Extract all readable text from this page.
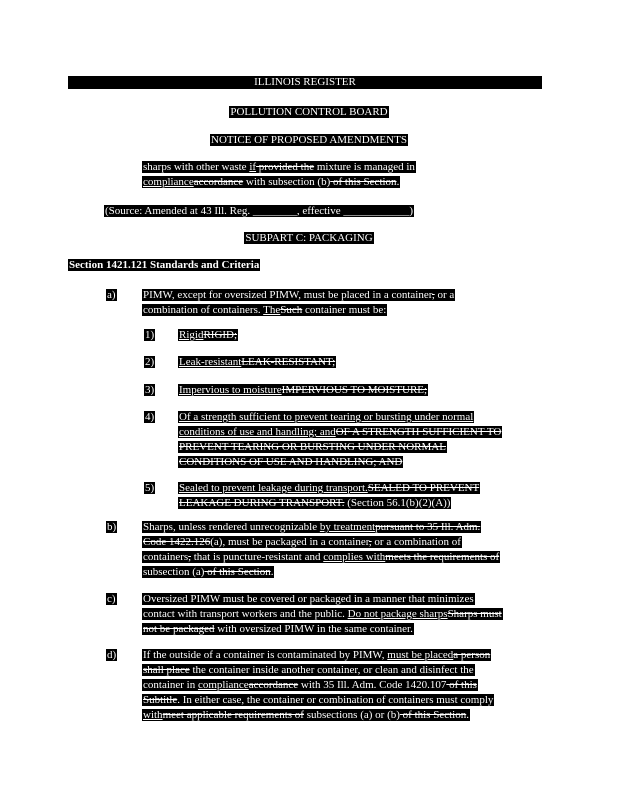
ILLINOIS REGISTER
POLLUTION CONTROL BOARD
NOTICE OF PROPOSED AMENDMENTS
sharps with other waste if provided the mixture is managed in
complianceaccordance with subsection (b) of this Section.
(Source: Amended at 43 Ill. Reg. ________, effective ____________)
SUBPART C: PACKAGING
Section 1421.121 Standards and Criteria
a) PIMW, except for oversized PIMW, must be placed in a container, or a
combination of containers. TheSuch container must be:
1) RigidRIGID;
2) Leak-resistantLEAK-RESISTANT;
3) Impervious to moistureIMPERVIOUS TO MOISTURE;
4) Of a strength sufficient to prevent tearing or bursting under normal
conditions of use and handling; andOF A STRENGTH SUFFICIENT TO
PREVENT TEARING OR BURSTING UNDER NORMAL
CONDITIONS OF USE AND HANDLING; AND
5) Sealed to prevent leakage during transport.SEALED TO PREVENT
LEAKAGE DURING TRANSPORT. (Section 56.1(b)(2)(A))
b) Sharps, unless rendered unrecognizable by treatmentpursuant to 35 Ill. Adm.
Code 1422.126(a), must be packaged in a container, or a combination of
containers, that is puncture-resistant and complies withmeets the requirements of
subsection (a) of this Section.
c) Oversized PIMW must be covered or packaged in a manner that minimizes
contact with transport workers and the public. Do not package sharpsSharps must
not be packaged with oversized PIMW in the same container.
d) If the outside of a container is contaminated by PIMW, must be placeda person
shall place the container inside another container, or clean and disinfect the
container in complianceaccordance with 35 Ill. Adm. Code 1420.107 of this
Subtitle. In either case, the container or combination of containers must comply
withmeet applicable requirements of subsections (a) or (b) of this Section.
